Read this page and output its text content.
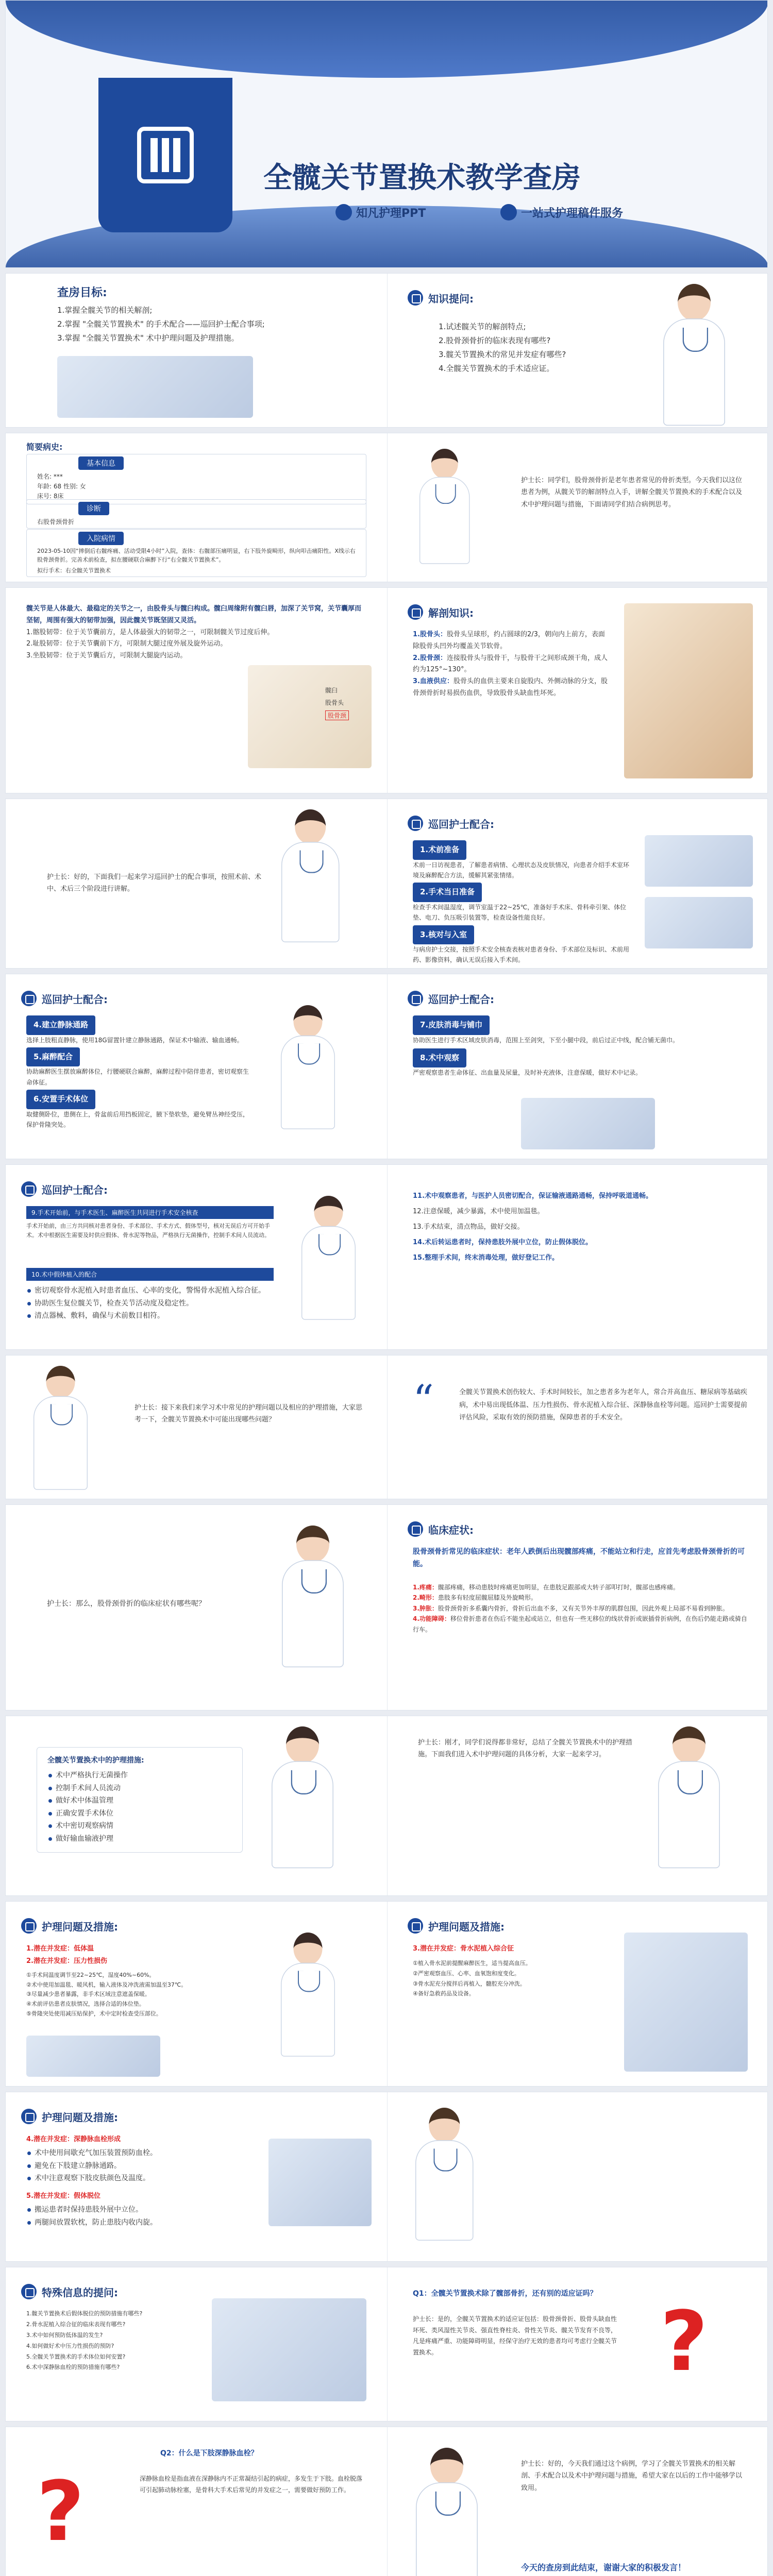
全髋关节置换术教学查房
知凡护理PPT	一站式护理稿件服务
查房目标:
1.掌握全髋关节的相关解剖;
2.掌握 "全髋关节置换术" 的手术配合——巡回护士配合事项;
3.掌握 "全髋关节置换术" 术中护理问题及护理措施。
知识提问:
1.试述髋关节的解剖特点;
2.股骨颈骨折的临床表现有哪些?
3.髋关节置换术的常见并发症有哪些?
4.全髋关节置换术的手术适应证。
简要病史:
基本信息
姓名: ***
年龄: 68 性别: 女
床号: 8床
诊断
右股骨颈骨折
入院病情
2023-05-10因“摔倒后右髋疼痛、活动受限4小时”入院，查体：右髋部压痛明显，右下肢外旋畸形，纵向叩击痛阳性。X线示右股骨颈骨折。完善术前检查，拟在腰硬联合麻醉下行“右全髋关节置换术”。
拟行手术：右全髋关节置换术
护士长：同学们，股骨颈骨折是老年患者常见的骨折类型。今天我们以这位患者为例，从髋关节的解剖特点入手，讲解全髋关节置换术的手术配合以及术中护理问题与措施，下面请同学们结合病例思考。
髋关节是人体最大、最稳定的关节之一，由股骨头与髋臼构成。髋臼周缘附有髋臼唇，加深了关节窝，关节囊厚而坚韧，周围有强大的韧带加强，因此髋关节既坚固又灵活。
1.髂股韧带：位于关节囊前方，是人体最强大的韧带之一，可限制髋关节过度后伸。
2.耻股韧带：位于关节囊前下方，可限制大腿过度外展及旋外运动。
3.坐股韧带：位于关节囊后方，可限制大腿旋内运动。
髋臼
股骨头
股骨颈
解剖知识:
1.股骨头：股骨头呈球形，约占圆球的2/3，朝向内上前方，表面除股骨头凹外均覆盖关节软骨。
2.股骨颈：连接股骨头与股骨干，与股骨干之间形成颈干角，成人约为125°~130°。
3.血液供应：股骨头的血供主要来自旋股内、外侧动脉的分支，股骨颈骨折时易损伤血供，导致股骨头缺血性坏死。
护士长：好的，下面我们一起来学习巡回护士的配合事项，按照术前、术中、术后三个阶段进行讲解。
巡回护士配合:
1.术前准备
术前一日访视患者，了解患者病情、心理状态及皮肤情况，向患者介绍手术室环境及麻醉配合方法，缓解其紧张情绪。
2.手术当日准备
检查手术间温湿度，调节室温于22~25℃，准备好手术床、骨科牵引架、体位垫、电刀、负压吸引装置等，检查设备性能良好。
3.核对与入室
与病房护士交接，按照手术安全核查表核对患者身份、手术部位及标识、术前用药、影像资料，确认无误后接入手术间。
巡回护士配合:
4.建立静脉通路
选择上肢粗直静脉，使用18G留置针建立静脉通路，保证术中输液、输血通畅。
5.麻醉配合
协助麻醉医生摆放麻醉体位，行腰硬联合麻醉，麻醉过程中陪伴患者，密切观察生命体征。
6.安置手术体位
取健侧卧位，患侧在上，骨盆前后用挡板固定，腋下垫软垫，避免臂丛神经受压，保护骨隆突处。
巡回护士配合:
7.皮肤消毒与铺巾
协助医生进行手术区域皮肤消毒，范围上至剑突，下至小腿中段，前后过正中线，配合铺无菌巾。
8.术中观察
严密观察患者生命体征、出血量及尿量，及时补充液体，注意保暖，做好术中记录。
巡回护士配合:
9.手术开始前，与手术医生、麻醉医生共同进行手术安全核查
手术开始前，由三方共同核对患者身份、手术部位、手术方式、假体型号，核对无误后方可开始手术。术中根据医生需要及时供应假体、骨水泥等物品，严格执行无菌操作，控制手术间人员流动。
10.术中假体植入的配合
密切观察骨水泥植入时患者血压、心率的变化，警惕骨水泥植入综合征。
协助医生复位髋关节，检查关节活动度及稳定性。
清点器械、敷料，确保与术前数目相符。
11.术中观察患者，与医护人员密切配合，保证输液通路通畅，保持呼吸道通畅。
12.注意保暖，减少暴露，术中使用加温毯。
13.手术结束，清点物品，做好交接。
14.术后转运患者时，保持患肢外展中立位，防止假体脱位。
15.整理手术间，终末消毒处理，做好登记工作。
护士长：接下来我们来学习术中常见的护理问题以及相应的护理措施，大家思考一下，全髋关节置换术中可能出现哪些问题？	“	全髋关节置换术创伤较大、手术时间较长，加之患者多为老年人，常合并高血压、糖尿病等基础疾病，术中易出现低体温、压力性损伤、骨水泥植入综合征、深静脉血栓等问题。巡回护士需要提前评估风险，采取有效的预防措施，保障患者的手术安全。
护士长：那么，股骨颈骨折的临床症状有哪些呢？
临床症状:
股骨颈骨折常见的临床症状：老年人跌倒后出现髋部疼痛，不能站立和行走，应首先考虑股骨颈骨折的可能。
1.疼痛：髋部疼痛，移动患肢时疼痛更加明显，在患肢足跟部或大转子部叩打时，髋部也感疼痛。
2.畸形：患肢多有轻度屈髋屈膝及外旋畸形。
3.肿胀：股骨颈骨折多系囊内骨折，骨折后出血不多，又有关节外丰厚的肌群包围，因此外观上局部不易看到肿胀。
4.功能障碍：移位骨折患者在伤后不能坐起或站立，但也有一些无移位的线状骨折或嵌插骨折病例，在伤后仍能走路或骑自行车。
全髋关节置换术中的护理措施:
术中严格执行无菌操作
控制手术间人员流动
做好术中体温管理
正确安置手术体位
术中密切观察病情
做好输血输液护理
护士长：刚才，同学们说得都非常好，总结了全髋关节置换术中的护理措施。下面我们进入术中护理问题的具体分析，大家一起来学习。
护理问题及措施:
1.潜在并发症：低体温
2.潜在并发症：压力性损伤
①手术间温度调节至22~25℃，湿度40%~60%。
②术中使用加温毯、暖风机，输入液体及冲洗液需加温至37℃。
③尽量减少患者暴露，非手术区域注意遮盖保暖。
④术前评估患者皮肤情况，选择合适的体位垫。
⑤骨隆突处使用减压贴保护，术中定时检查受压部位。
护理问题及措施:
3.潜在并发症：骨水泥植入综合征
①植入骨水泥前提醒麻醉医生，适当提高血压。
②严密观察血压、心率、血氧饱和度变化。
③骨水泥充分搅拌后再植入，髓腔充分冲洗。
④备好急救药品及设备。
护理问题及措施:
4.潜在并发症：深静脉血栓形成
术中使用间歇充气加压装置预防血栓。
避免在下肢建立静脉通路。
术中注意观察下肢皮肤颜色及温度。
5.潜在并发症：假体脱位
搬运患者时保持患肢外展中立位。
两腿间放置软枕，防止患肢内收内旋。
特殊信息的提问:
1.髋关节置换术后假体脱位的预防措施有哪些?
2.骨水泥植入综合征的临床表现有哪些?
3.术中如何预防低体温的发生?
4.如何做好术中压力性损伤的预防?
5.全髋关节置换术的手术体位如何安置?
6.术中深静脉血栓的预防措施有哪些?
Q1：全髋关节置换术除了髋部骨折，还有别的适应证吗？
护士长：是的，全髋关节置换术的适应证包括：股骨颈骨折、股骨头缺血性坏死、类风湿性关节炎、强直性脊柱炎、骨性关节炎、髋关节发育不良等，凡是疼痛严重、功能障碍明显，经保守治疗无效的患者均可考虑行全髋关节置换术。	?
?
Q2：什么是下肢深静脉血栓？
深静脉血栓是指血液在深静脉内不正常凝结引起的病症，多发生于下肢。血栓脱落可引起肺动脉栓塞，是骨科大手术后常见的并发症之一，需要做好预防工作。
护士长：好的，今天我们通过这个病例，学习了全髋关节置换术的相关解剖、手术配合以及术中护理问题与措施，希望大家在以后的工作中能够学以致用。
今天的查房到此结束，谢谢大家的积极发言！
